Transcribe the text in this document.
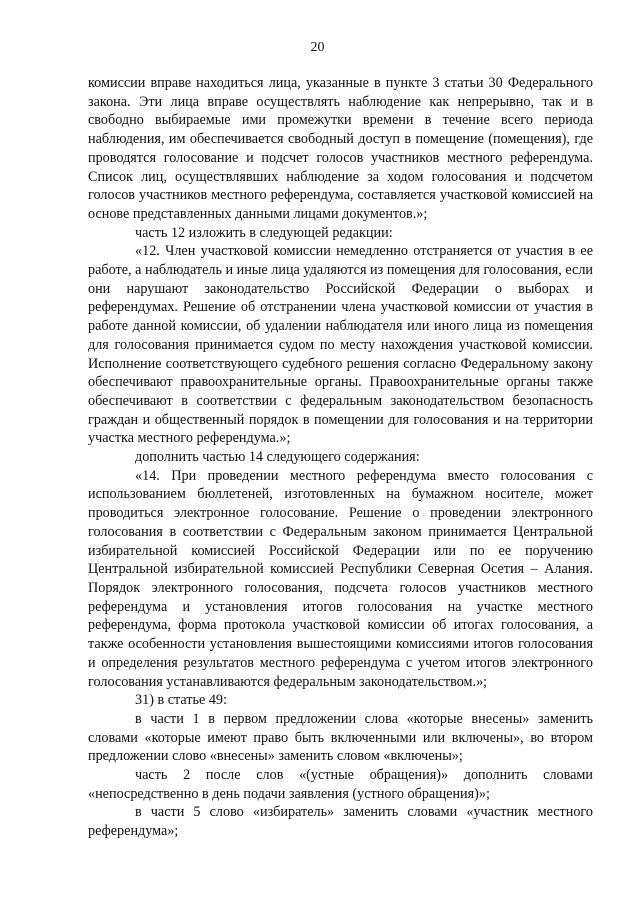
20

комиссии вправе находиться лица, указанные в пункте 3 статьи 30 Федерального закона. Эти лица вправе осуществлять наблюдение как непрерывно, так и в свободно выбираемые ими промежутки времени в течение всего периода наблюдения, им обеспечивается свободный доступ в помещение (помещения), где проводятся голосование и подсчет голосов участников местного референдума. Список лиц, осуществлявших наблюдение за ходом голосования и подсчетом голосов участников местного референдума, составляется участковой комиссией на основе представленных данными лицами документов.»;

часть 12 изложить в следующей редакции:

«12. Член участковой комиссии немедленно отстраняется от участия в ее работе, а наблюдатель и иные лица удаляются из помещения для голосования, если они нарушают законодательство Российской Федерации о выборах и референдумах. Решение об отстранении члена участковой комиссии от участия в работе данной комиссии, об удалении наблюдателя или иного лица из помещения для голосования принимается судом по месту нахождения участковой комиссии. Исполнение соответствующего судебного решения согласно Федеральному закону обеспечивают правоохранительные органы. Правоохранительные органы также обеспечивают в соответствии с федеральным законодательством безопасность граждан и общественный порядок в помещении для голосования и на территории участка местного референдума.»;

дополнить частью 14 следующего содержания:

«14. При проведении местного референдума вместо голосования с использованием бюллетеней, изготовленных на бумажном носителе, может проводиться электронное голосование. Решение о проведении электронного голосования в соответствии с Федеральным законом принимается Центральной избирательной комиссией Российской Федерации или по ее поручению Центральной избирательной комиссией Республики Северная Осетия – Алания. Порядок электронного голосования, подсчета голосов участников местного референдума и установления итогов голосования на участке местного референдума, форма протокола участковой комиссии об итогах голосования, а также особенности установления вышестоящими комиссиями итогов голосования и определения результатов местного референдума с учетом итогов электронного голосования устанавливаются федеральным законодательством.»;

31) в статье 49:

в части 1 в первом предложении слова «которые внесены» заменить словами «которые имеют право быть включенными или включены», во втором предложении слово «внесены» заменить словом «включены»;

часть 2 после слов «(устные обращения)» дополнить словами «непосредственно в день подачи заявления (устного обращения)»;

в части 5 слово «избиратель» заменить словами «участник местного референдума»;
